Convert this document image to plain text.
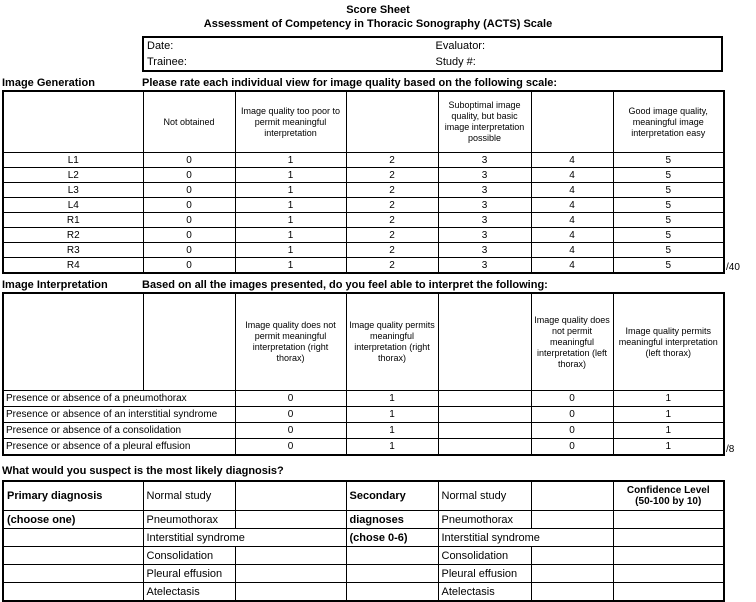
Score Sheet
Assessment of Competency in Thoracic Sonography (ACTS) Scale
Date:	Evaluator:
Trainee:	Study #:
Image Generation	Please rate each individual view for image quality based on the following scale:
	Not obtained	Image quality too poor to permit meaningful interpretation		Suboptimal image quality, but basic image interpretation possible		Good image quality, meaningful image interpretation easy
L1	0	1	2	3	4	5
L2	0	1	2	3	4	5
L3	0	1	2	3	4	5
L4	0	1	2	3	4	5
R1	0	1	2	3	4	5
R2	0	1	2	3	4	5
R3	0	1	2	3	4	5
R4	0	1	2	3	4	5	/40
Image Interpretation	Based on all the images presented, do you feel able to interpret the following:
		Image quality does not permit meaningful interpretation (right thorax)	Image quality permits meaningful interpretation (right thorax)		Image quality does not permit meaningful interpretation (left thorax)	Image quality permits meaningful interpretation (left thorax)
Presence or absence of a pneumothorax		0	1		0	1
Presence or absence of an interstitial syndrome		0	1		0	1
Presence or absence of a consolidation		0	1		0	1
Presence or absence of a pleural effusion		0	1		0	1	/8
What would you suspect is the most likely diagnosis?
Primary diagnosis	Normal study		Secondary	Normal study		Confidence Level
(50-100 by 10)

(choose one)	Pneumothorax		diagnoses	Pneumothorax		
	Interstitial syndrome		(chose 0-6)	Interstitial syndrome		
	Consolidation			Consolidation		
	Pleural effusion			Pleural effusion		
	Atelectasis			Atelectasis		
